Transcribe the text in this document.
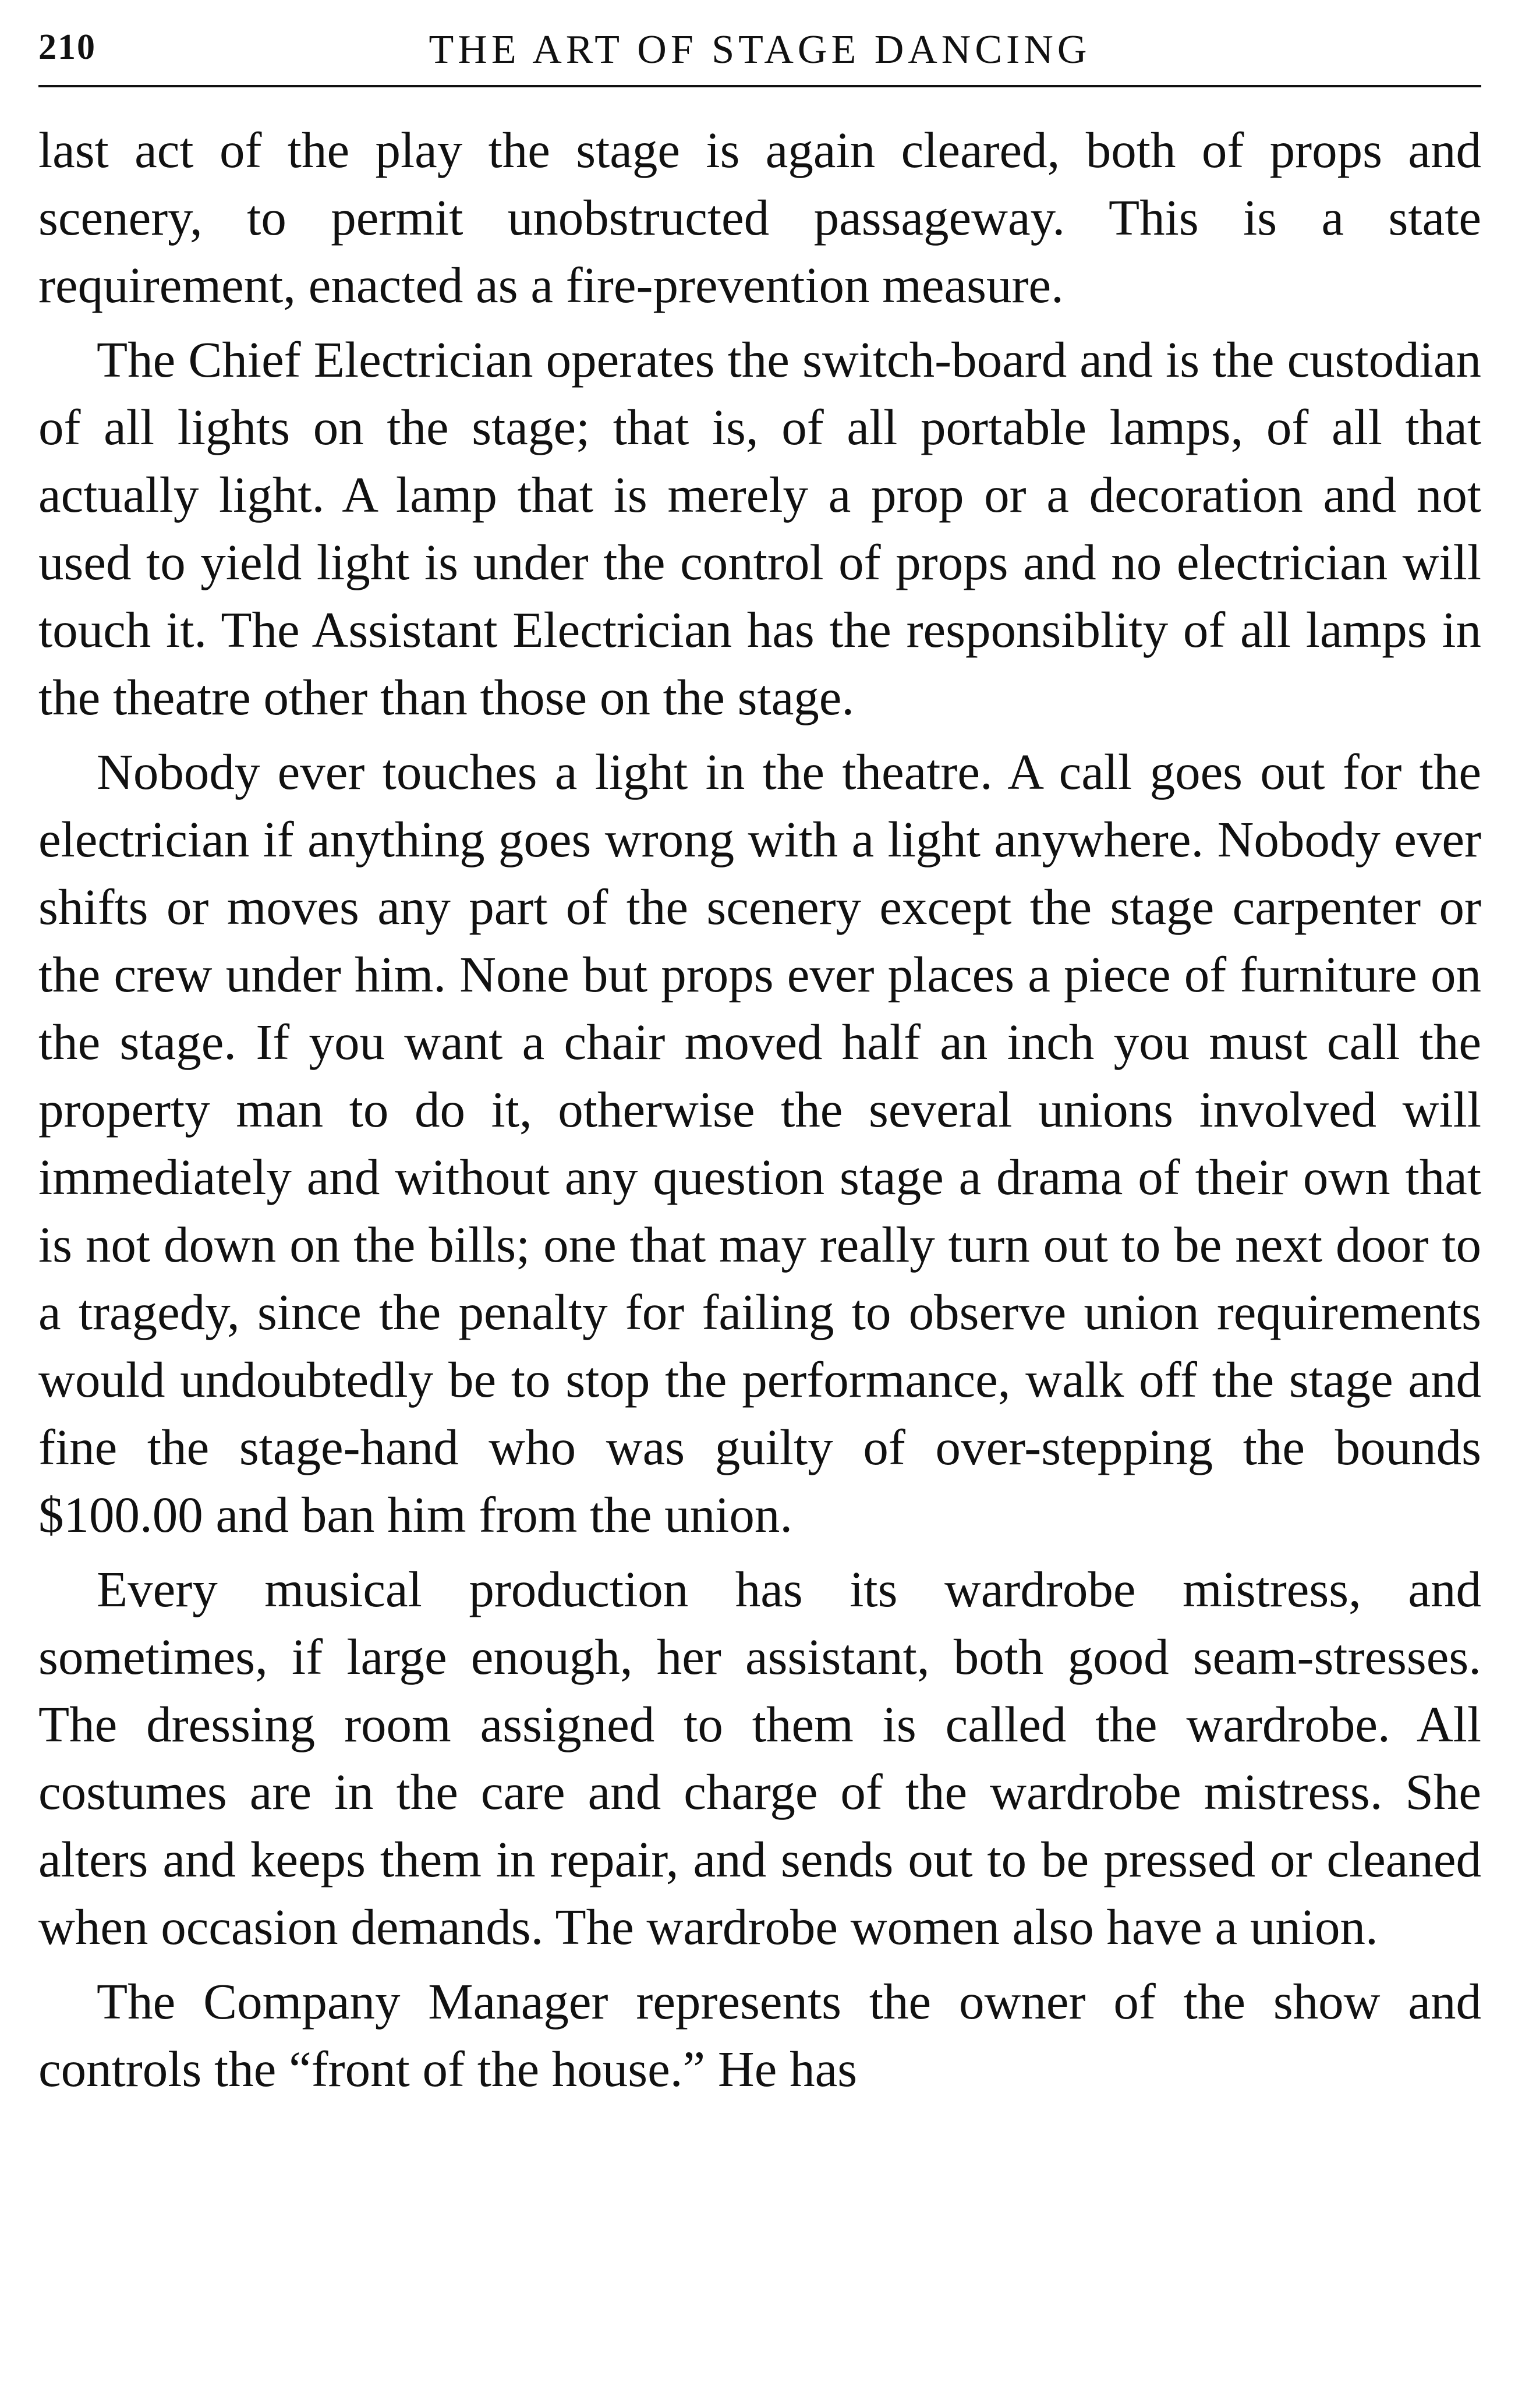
210	THE ART OF STAGE DANCING

last act of the play the stage is again cleared, both of props and scenery, to permit unobstructed passageway. This is a state requirement, enacted as a fire-prevention measure.

The Chief Electrician operates the switch-board and is the custodian of all lights on the stage; that is, of all portable lamps, of all that actually light. A lamp that is merely a prop or a decoration and not used to yield light is under the control of props and no electrician will touch it. The Assistant Electrician has the responsiblity of all lamps in the theatre other than those on the stage.

Nobody ever touches a light in the theatre. A call goes out for the electrician if anything goes wrong with a light anywhere. Nobody ever shifts or moves any part of the scenery except the stage carpenter or the crew under him. None but props ever places a piece of furniture on the stage. If you want a chair moved half an inch you must call the property man to do it, otherwise the several unions involved will immediately and without any question stage a drama of their own that is not down on the bills; one that may really turn out to be next door to a tragedy, since the penalty for failing to observe union requirements would undoubtedly be to stop the performance, walk off the stage and fine the stage-hand who was guilty of over-stepping the bounds $100.00 and ban him from the union.

Every musical production has its wardrobe mistress, and sometimes, if large enough, her assistant, both good seam-stresses. The dressing room assigned to them is called the wardrobe. All costumes are in the care and charge of the wardrobe mistress. She alters and keeps them in repair, and sends out to be pressed or cleaned when occasion demands. The wardrobe women also have a union.

The Company Manager represents the owner of the show and controls the “front of the house.” He has
